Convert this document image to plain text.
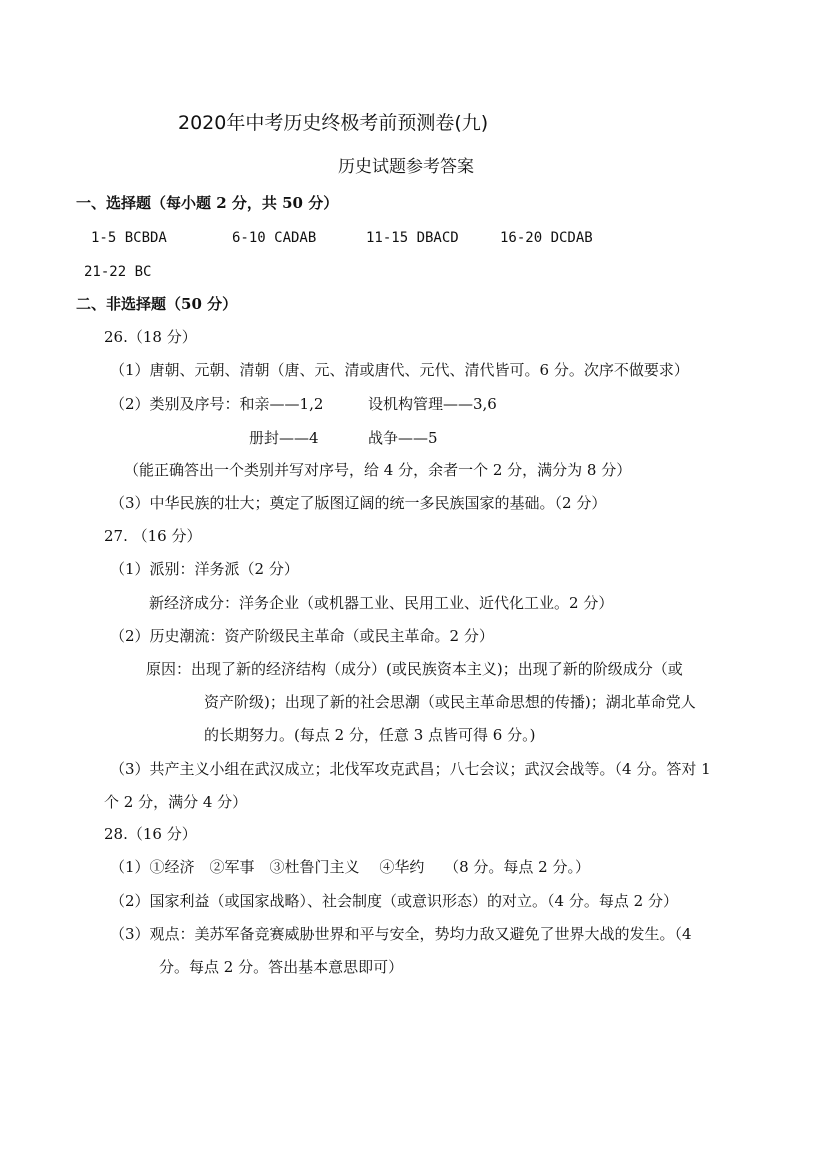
2020年中考历史终极考前预测卷(九)
历史试题参考答案
一、选择题（每小题 2 分，共 50 分）
1-5 BCBDA	6-10 CADAB	11-15 DBACD	16-20 DCDAB
21-22 BC
二、非选择题（50 分）
26.（18 分）
（1）唐朝、元朝、清朝（唐、元、清或唐代、元代、清代皆可。6 分。次序不做要求）
（2）类别及序号：和亲——1,2	设机构管理——3,6
册封——4	战争——5
（能正确答出一个类别并写对序号，给 4 分，余者一个 2 分，满分为 8 分）
（3）中华民族的壮大；奠定了版图辽阔的统一多民族国家的基础。（2 分）
27. （16 分）
（1）派别：洋务派（2 分）
新经济成分：洋务企业（或机器工业、民用工业、近代化工业。2 分）
（2）历史潮流：资产阶级民主革命（或民主革命。2 分）
原因：出现了新的经济结构（成分）(或民族资本主义)；出现了新的阶级成分（或
资产阶级)；出现了新的社会思潮（或民主革命思想的传播)；湖北革命党人
的长期努力。(每点 2 分，任意 3 点皆可得 6 分。)
（3）共产主义小组在武汉成立；北伐军攻克武昌；八七会议；武汉会战等。（4 分。答对 1
个 2 分，满分 4 分）
28.（16 分）
（1）①经济　②军事　③杜鲁门主义　 ④华约　 （8 分。每点 2 分。）
（2）国家利益（或国家战略）、社会制度（或意识形态）的对立。（4 分。每点 2 分）
（3）观点：美苏军备竞赛威胁世界和平与安全，势均力敌又避免了世界大战的发生。（4
分。每点 2 分。答出基本意思即可）
